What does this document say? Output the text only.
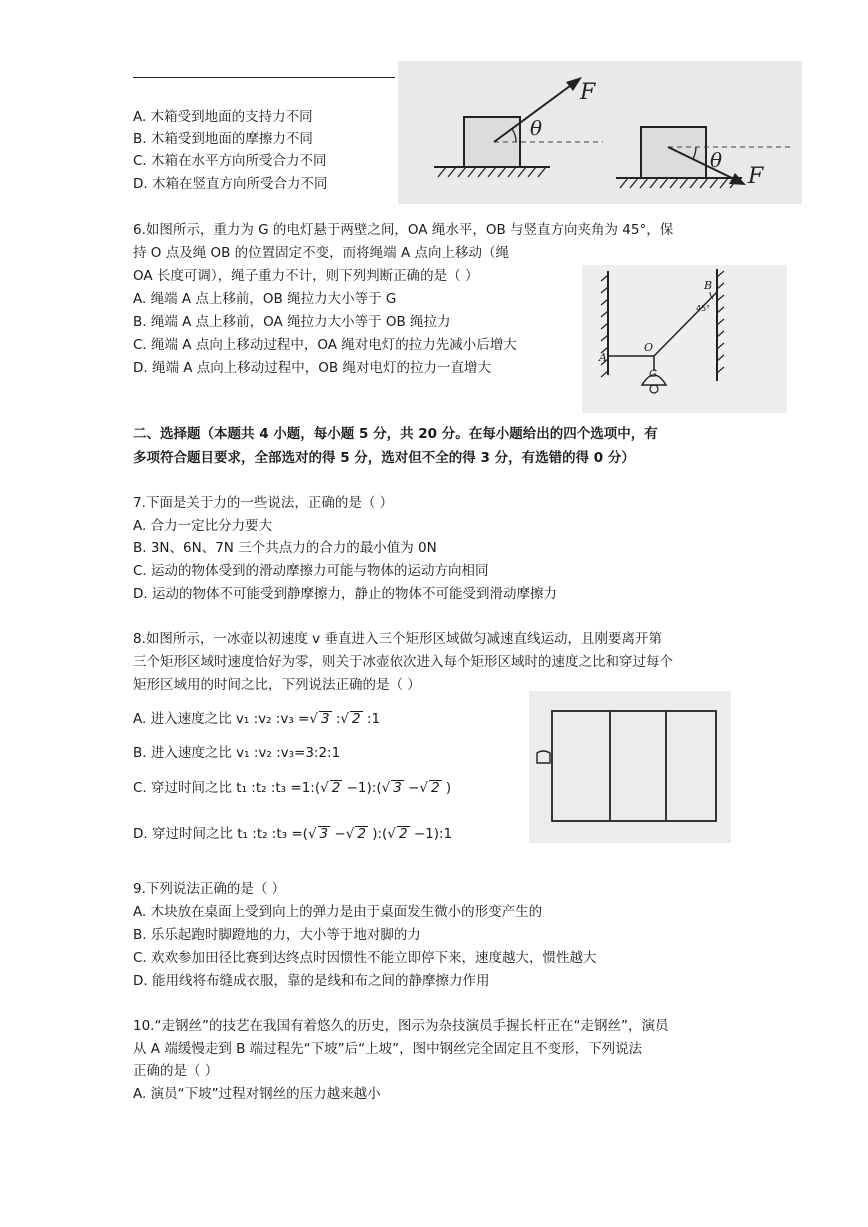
A. 木箱受到地面的支持力不同
B. 木箱受到地面的摩擦力不同
C. 木箱在水平方向所受合力不同
D. 木箱在竖直方向所受合力不同
θ
F
θ
F
6.如图所示，重力为 G 的电灯悬于两壁之间，OA 绳水平，OB 与竖直方向夹角为 45°，保
持 O 点及绳 OB 的位置固定不变，而将绳端 A 点向上移动（绳
OA 长度可调），绳子重力不计，则下列判断正确的是（ ）
A. 绳端 A 点上移前，OB 绳拉力大小等于 G
B. 绳端 A 点上移前，OA 绳拉力大小等于 OB 绳拉力
C. 绳端 A 点向上移动过程中，OA 绳对电灯的拉力先减小后增大
D. 绳端 A 点向上移动过程中，OB 绳对电灯的拉力一直增大
B
45°
O
A
G
二、选择题（本题共 4 小题，每小题 5 分，共 20 分。在每小题给出的四个选项中，有
多项符合题目要求，全部选对的得 5 分，选对但不全的得 3 分，有选错的得 0 分）
7.下面是关于力的一些说法，正确的是（ ）
A. 合力一定比分力要大
B. 3N、6N、7N 三个共点力的合力的最小值为 0N
C. 运动的物体受到的滑动摩擦力可能与物体的运动方向相同
D. 运动的物体不可能受到静摩擦力，静止的物体不可能受到滑动摩擦力
8.如图所示，一冰壶以初速度 v 垂直进入三个矩形区域做匀减速直线运动，且刚要离开第
三个矩形区域时速度恰好为零，则关于冰壶依次进入每个矩形区域时的速度之比和穿过每个
矩形区域用的时间之比，下列说法正确的是（ ）
A. 进入速度之比 v₁ :v₂ :v₃ =√ 3 :√ 2 :1
B. 进入速度之比 v₁ :v₂ :v₃=3:2:1
C. 穿过时间之比 t₁ :t₂ :t₃ =1:(√ 2 −1):(√ 3 −√ 2 )
D. 穿过时间之比 t₁ :t₂ :t₃ =(√ 3 −√ 2 ):(√ 2 −1):1
9.下列说法正确的是（ ）
A. 木块放在桌面上受到向上的弹力是由于桌面发生微小的形变产生的
B. 乐乐起跑时脚蹬地的力，大小等于地对脚的力
C. 欢欢参加田径比赛到达终点时因惯性不能立即停下来，速度越大，惯性越大
D. 能用线将布缝成衣服，靠的是线和布之间的静摩擦力作用
10.“走钢丝”的技艺在我国有着悠久的历史，图示为杂技演员手握长杆正在“走钢丝”，演员
从 A 端缓慢走到 B 端过程先“下坡”后“上坡”，图中钢丝完全固定且不变形，下列说法
正确的是（ ）
A. 演员“下坡”过程对钢丝的压力越来越小
